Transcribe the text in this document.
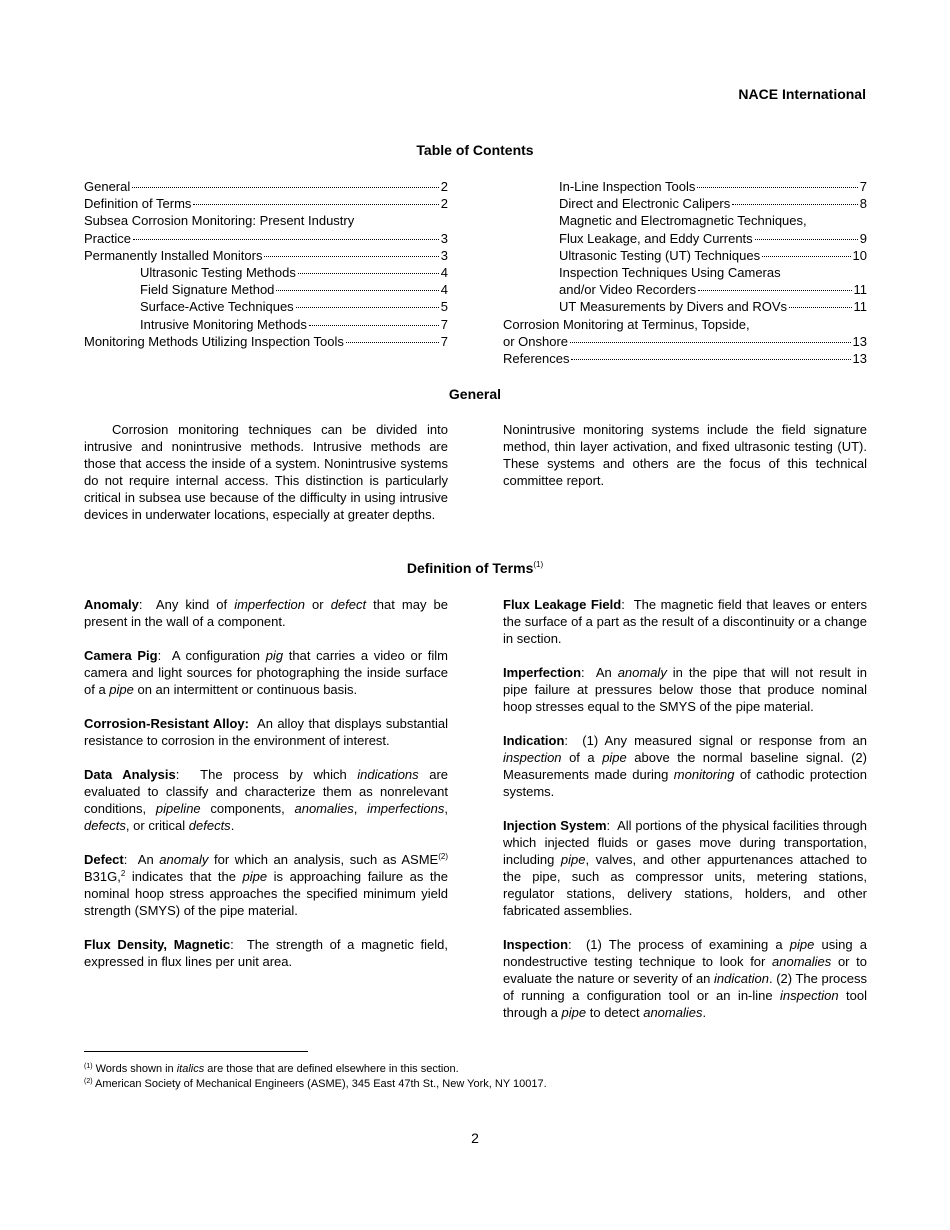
NACE International
Table of Contents
General	2
Definition of Terms	2
Subsea Corrosion Monitoring: Present Industry
Practice	3
Permanently Installed Monitors	3
Ultrasonic Testing Methods	4
Field Signature Method	4
Surface-Active Techniques	5
Intrusive Monitoring Methods	7
Monitoring Methods Utilizing Inspection Tools	7
In-Line Inspection Tools	7
Direct and Electronic Calipers	8
Magnetic and Electromagnetic Techniques,
Flux Leakage, and Eddy Currents	9
Ultrasonic Testing (UT) Techniques	10
Inspection Techniques Using Cameras
and/or Video Recorders	11
UT Measurements by Divers and ROVs	11
Corrosion Monitoring at Terminus, Topside,
or Onshore	13
References	13
General

Corrosion monitoring techniques can be divided into intrusive and nonintrusive methods. Intrusive methods are those that access the inside of a system. Nonintrusive systems do not require internal access. This distinction is particularly critical in subsea use because of the difficulty in using intrusive devices in underwater locations, especially at greater depths.

Nonintrusive monitoring systems include the field signature method, thin layer activation, and fixed ultrasonic testing (UT). These systems and others are the focus of this technical committee report.

Definition of Terms$^{(1)}$

Anomaly:  Any kind of imperfection or defect that may be present in the wall of a component.

Camera Pig:  A configuration pig that carries a video or film camera and light sources for photographing the inside surface of a pipe on an intermittent or continuous basis.

Corrosion-Resistant Alloy:  An alloy that displays substantial resistance to corrosion in the environment of interest.

Data Analysis:  The process by which indications are evaluated to classify and characterize them as nonrelevant conditions, pipeline components, anomalies, imperfections, defects, or critical defects.

Defect:  An anomaly for which an analysis, such as ASME$^{(2)}$ B31G,$^2$ indicates that the pipe is approaching failure as the nominal hoop stress approaches the specified minimum yield strength (SMYS) of the pipe material.

Flux Density, Magnetic:  The strength of a magnetic field, expressed in flux lines per unit area.

Flux Leakage Field:  The magnetic field that leaves or enters the surface of a part as the result of a discontinuity or a change in section.

Imperfection:  An anomaly in the pipe that will not result in pipe failure at pressures below those that produce nominal hoop stresses equal to the SMYS of the pipe material.

Indication:  (1) Any measured signal or response from an inspection of a pipe above the normal baseline signal. (2) Measurements made during monitoring of cathodic protection systems.

Injection System:  All portions of the physical facilities through which injected fluids or gases move during transportation, including pipe, valves, and other appurtenances attached to the pipe, such as compressor units, metering stations, regulator stations, delivery stations, holders, and other fabricated assemblies.

Inspection:  (1) The process of examining a pipe using a nondestructive testing technique to look for anomalies or to evaluate the nature or severity of an indication. (2) The process of running a configuration tool or an in-line inspection tool through a pipe to detect anomalies.

$^{(1)}$ Words shown in italics are those that are defined elsewhere in this section.
$^{(2)}$ American Society of Mechanical Engineers (ASME), 345 East 47th St., New York, NY 10017.
2
